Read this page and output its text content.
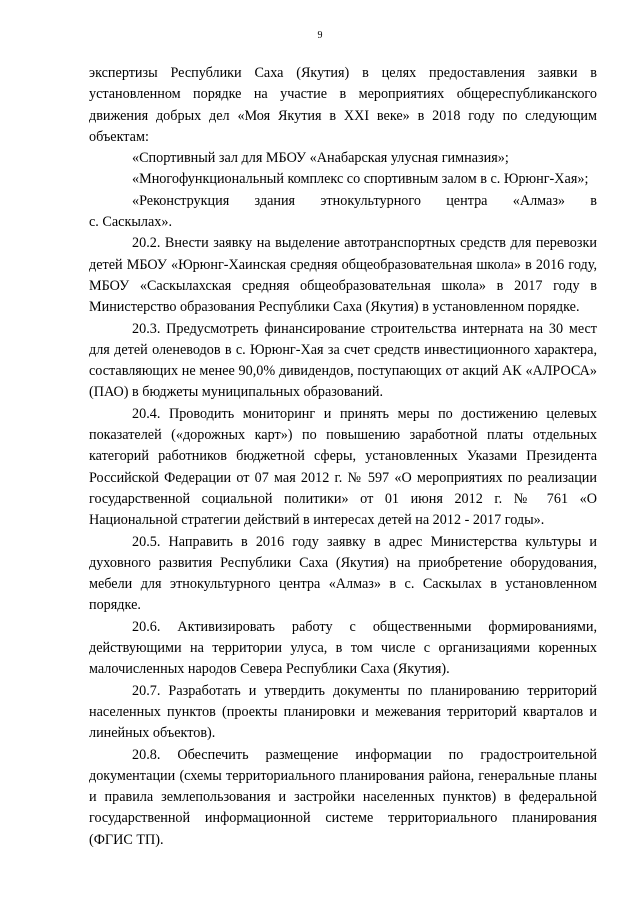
9

экспертизы Республики Саха (Якутия) в целях предоставления заявки в установленном порядке на участие в мероприятиях общереспубликанского движения добрых дел «Моя Якутия в XXI веке» в 2018 году по следующим объектам:

«Спортивный зал для МБОУ «Анабарская улусная гимназия»;

«Многофункциональный комплекс со спортивным залом в с. Юрюнг-Хая»;

«Реконструкция здания этнокультурного центра «Алмаз» в

с. Саскылах».

20.2. Внести заявку на выделение автотранспортных средств для перевозки детей МБОУ «Юрюнг-Хаинская средняя общеобразовательная школа» в 2016 году, МБОУ «Саскылахская средняя общеобразовательная школа» в 2017 году в Министерство образования Республики Саха (Якутия) в установленном порядке.

20.3. Предусмотреть финансирование строительства интерната на 30 мест для детей оленеводов в с. Юрюнг-Хая за счет средств инвестиционного характера, составляющих не менее 90,0% дивидендов, поступающих от акций АК «АЛРОСА» (ПАО) в бюджеты муниципальных образований.

20.4. Проводить мониторинг и принять меры по достижению целевых показателей («дорожных карт») по повышению заработной платы отдельных категорий работников бюджетной сферы, установленных Указами Президента Российской Федерации от 07 мая 2012 г. № 597 «О мероприятиях по реализации государственной социальной политики» от 01 июня 2012 г. № 761 «О Национальной стратегии действий в интересах детей на 2012 - 2017 годы».

20.5. Направить в 2016 году заявку в адрес Министерства культуры и духовного развития Республики Саха (Якутия) на приобретение оборудования, мебели для этнокультурного центра «Алмаз» в с. Саскылах в установленном порядке.

20.6. Активизировать работу с общественными формированиями, действующими на территории улуса, в том числе с организациями коренных малочисленных народов Севера Республики Саха (Якутия).

20.7. Разработать и утвердить документы по планированию территорий населенных пунктов (проекты планировки и межевания территорий кварталов и линейных объектов).

20.8. Обеспечить размещение информации по градостроительной документации (схемы территориального планирования района, генеральные планы и правила землепользования и застройки населенных пунктов) в федеральной государственной информационной системе территориального планирования (ФГИС ТП).
